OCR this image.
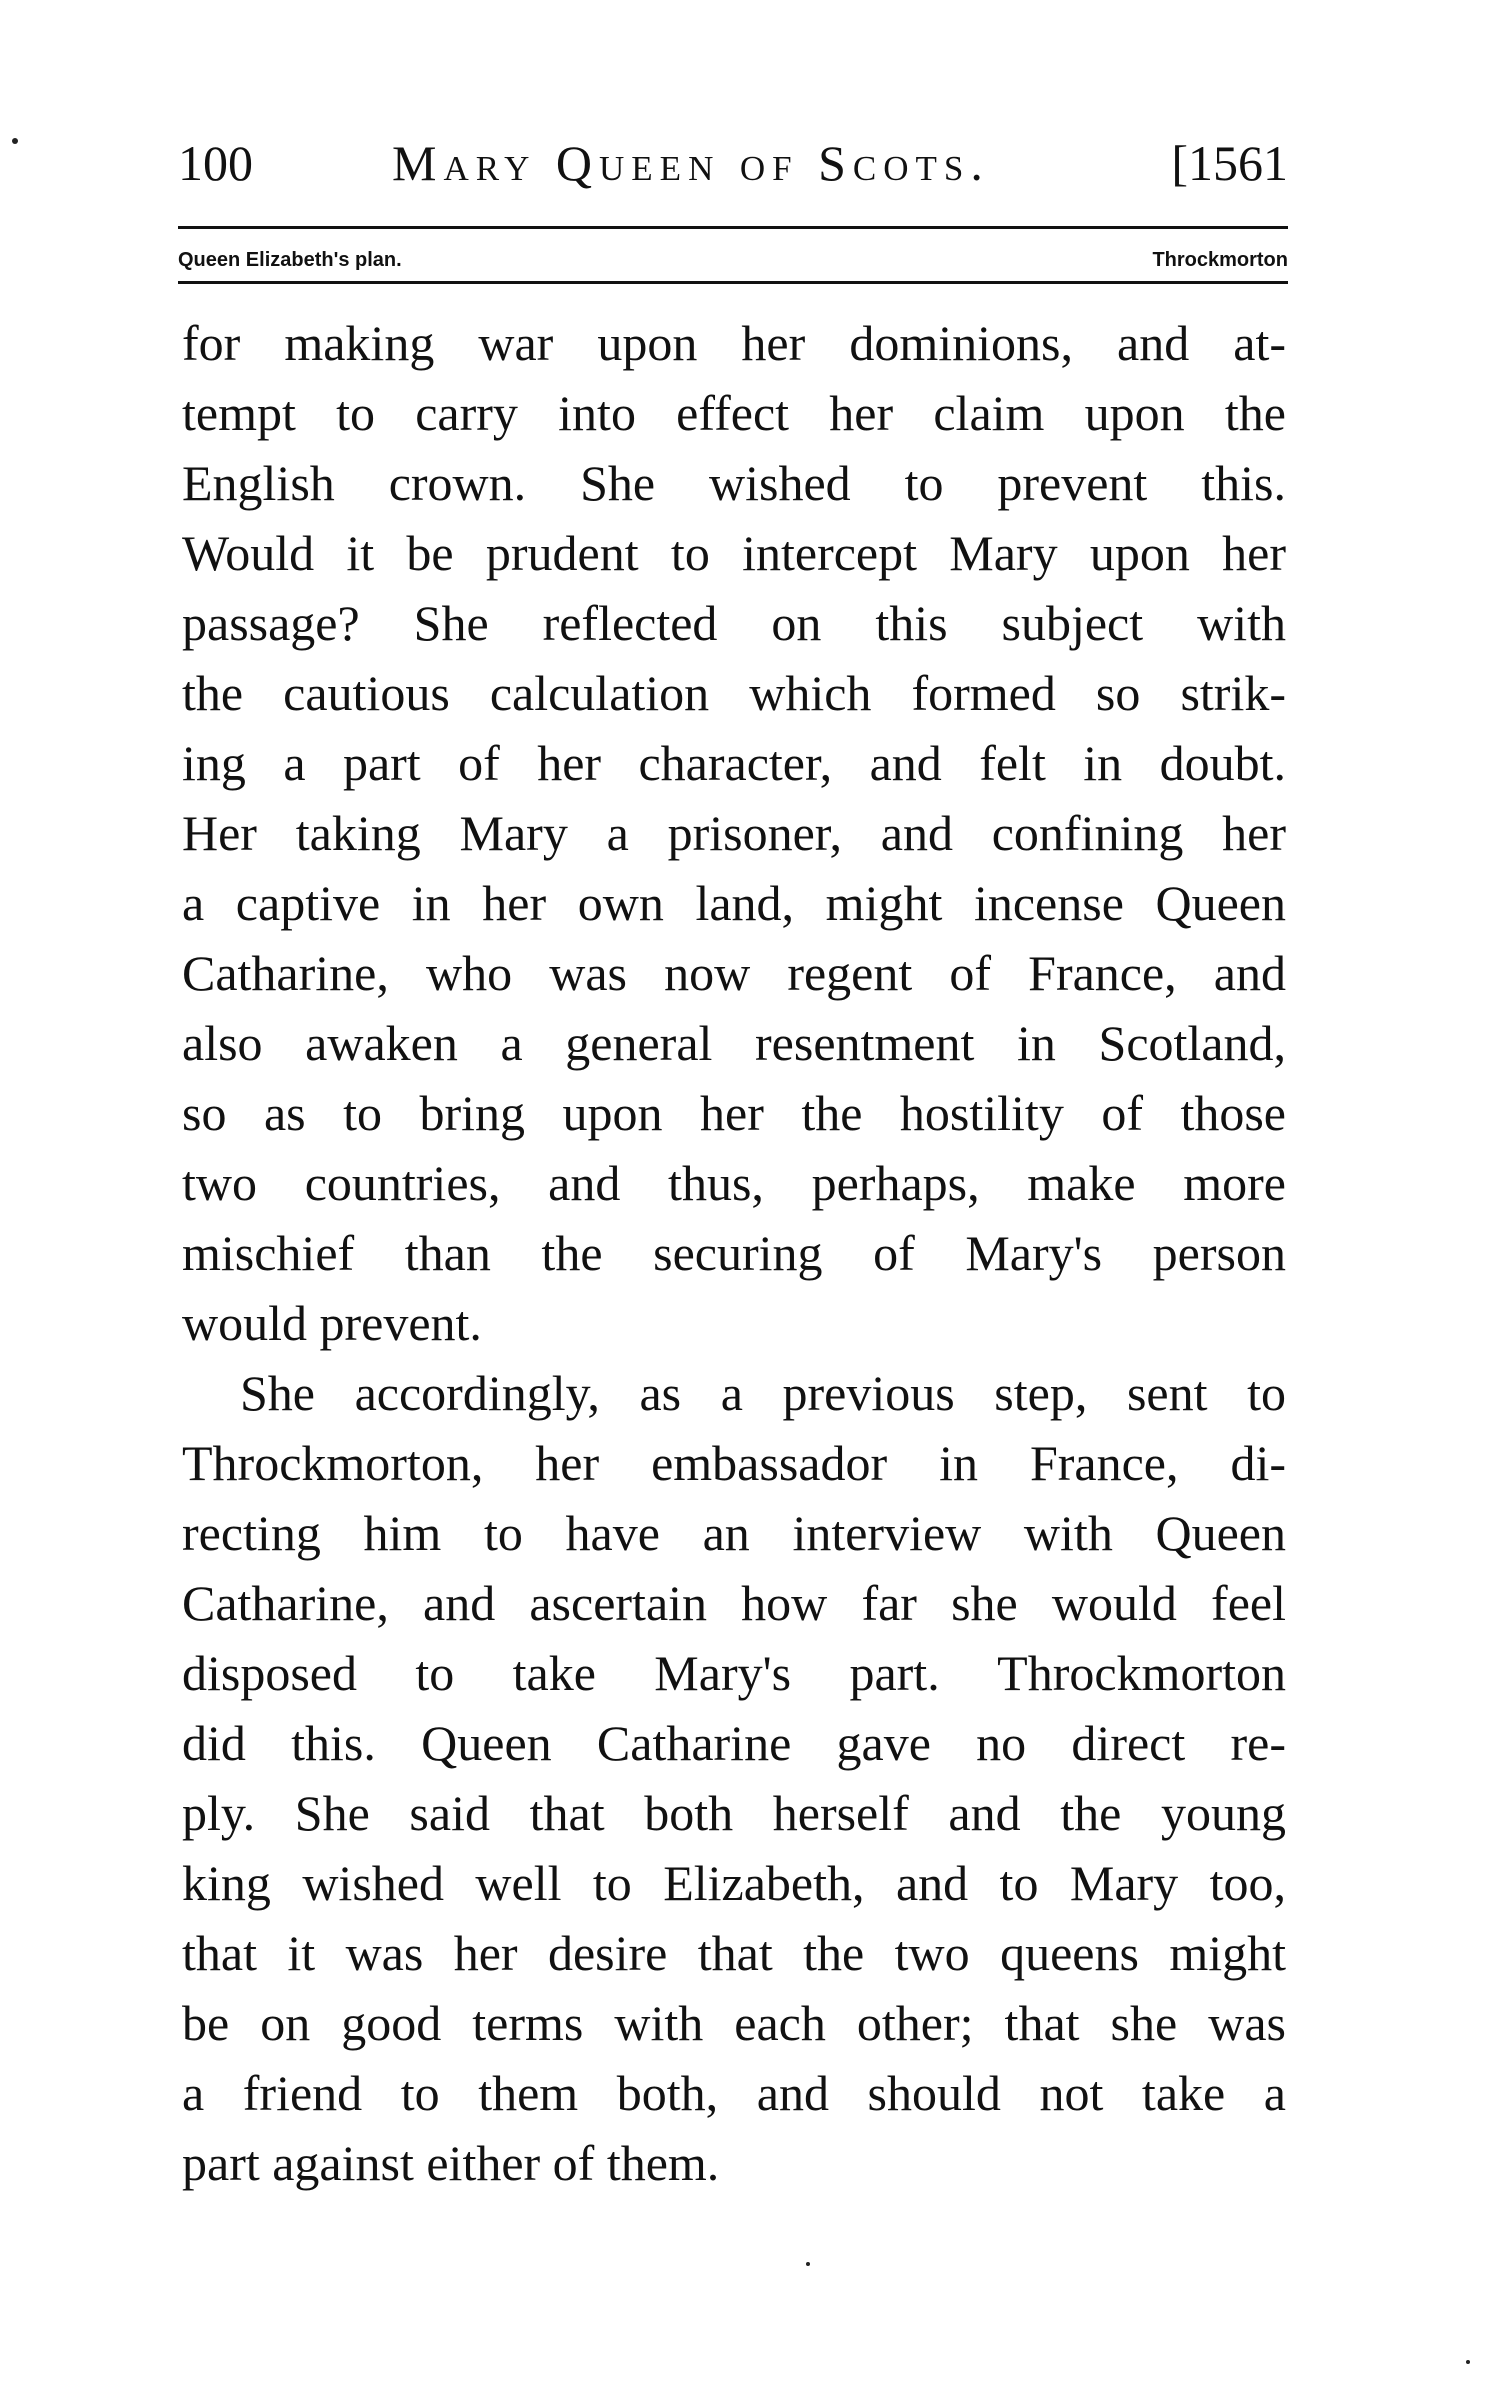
100	Mary Queen of Scots.	[1561
Queen Elizabeth's plan.	Throckmorton
for making war upon her dominions, and at-
tempt to carry into effect her claim upon the
English crown. She wished to prevent this.
Would it be prudent to intercept Mary upon her
passage? She reflected on this subject with
the cautious calculation which formed so strik-
ing a part of her character, and felt in doubt.
Her taking Mary a prisoner, and confining her
a captive in her own land, might incense Queen
Catharine, who was now regent of France, and
also awaken a general resentment in Scotland,
so as to bring upon her the hostility of those
two countries, and thus, perhaps, make more
mischief than the securing of Mary's person
would prevent.
She accordingly, as a previous step, sent to
Throckmorton, her embassador in France, di-
recting him to have an interview with Queen
Catharine, and ascertain how far she would feel
disposed to take Mary's part. Throckmorton
did this. Queen Catharine gave no direct re-
ply. She said that both herself and the young
king wished well to Elizabeth, and to Mary too,
that it was her desire that the two queens might
be on good terms with each other; that she was
a friend to them both, and should not take a
part against either of them.
